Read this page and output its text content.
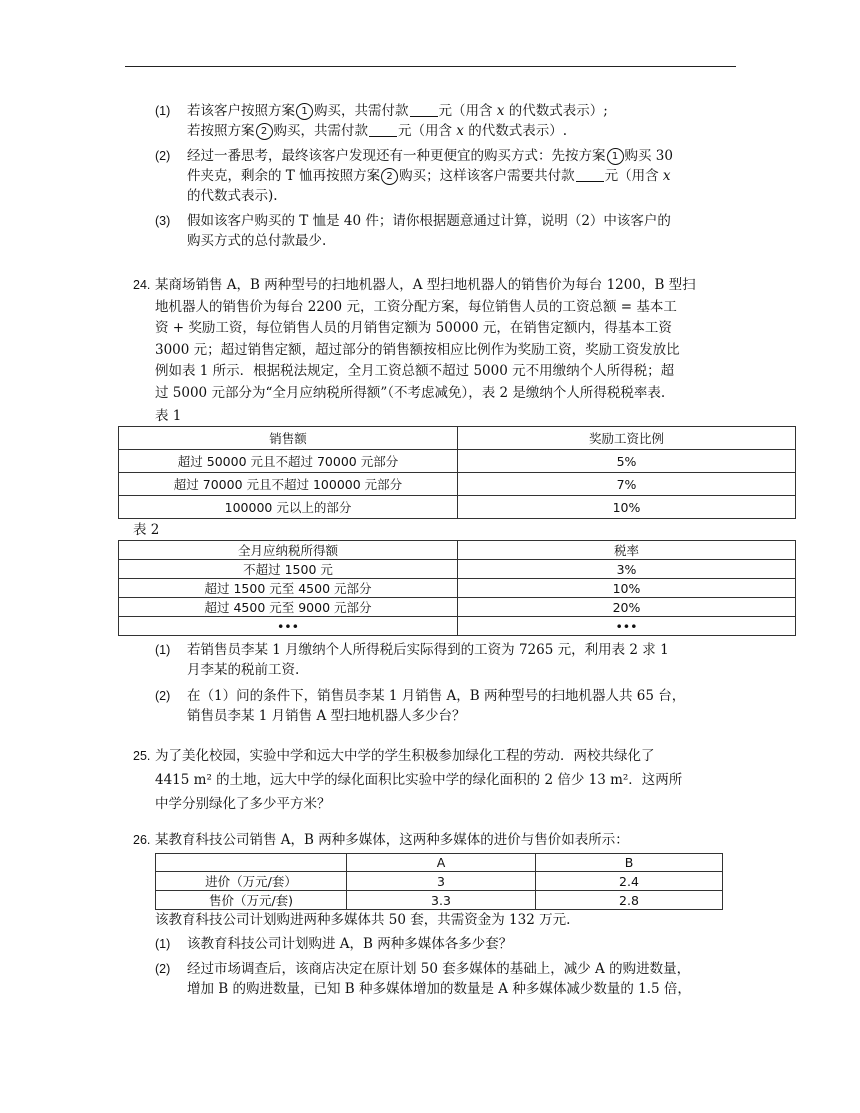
(1) 若该客户按照方案 1 购买，共需付款 元（用含 x 的代数式表示）;
若按照方案 2 购买，共需付款 元（用含 x 的代数式表示）.
(2) 经过一番思考，最终该客户发现还有一种更便宜的购买方式：先按方案 1 购买 30
件夹克，剩余的 T 恤再按照方案 2 购买；这样该客户需要共付款 元（用含 x
的代数式表示).
(3) 假如该客户购买的 T 恤是 40 件；请你根据题意通过计算，说明（2）中该客户的
购买方式的总付款最少.
24. 某商场销售 A，B 两种型号的扫地机器人，A 型扫地机器人的销售价为每台 1200，B 型扫
地机器人的销售价为每台 2200 元，工资分配方案，每位销售人员的工资总额 = 基本工
资 + 奖励工资，每位销售人员的月销售定额为 50000 元，在销售定额内，得基本工资
3000 元；超过销售定额，超过部分的销售额按相应比例作为奖励工资，奖励工资发放比
例如表 1 所示．根据税法规定，全月工资总额不超过 5000 元不用缴纳个人所得税；超
过 5000 元部分为“全月应纳税所得额”（不考虑减免），表 2 是缴纳个人所得税税率表.
表 1
销售额	奖励工资比例
超过 50000 元且不超过 70000 元部分	5%
超过 70000 元且不超过 100000 元部分	7%
100000 元以上的部分	10%
表 2
全月应纳税所得额	税率
不超过 1500 元	3%
超过 1500 元至 4500 元部分	10%
超过 4500 元至 9000 元部分	20%
•••	•••
(1) 若销售员李某 1 月缴纳个人所得税后实际得到的工资为 7265 元，利用表 2 求 1
月李某的税前工资.
(2) 在（1）问的条件下，销售员李某 1 月销售 A，B 两种型号的扫地机器人共 65 台，
销售员李某 1 月销售 A 型扫地机器人多少台？
25. 为了美化校园，实验中学和远大中学的学生积极参加绿化工程的劳动．两校共绿化了
4415 m² 的土地，远大中学的绿化面积比实验中学的绿化面积的 2 倍少 13 m²．这两所
中学分别绿化了多少平方米？
26. 某教育科技公司销售 A，B 两种多媒体，这两种多媒体的进价与售价如表所示：
	A	B
进价（万元/套）	3	2.4
售价（万元/套)	3.3	2.8
该教育科技公司计划购进两种多媒体共 50 套，共需资金为 132 万元.
(1) 该教育科技公司计划购进 A，B 两种多媒体各多少套？
(2) 经过市场调查后，该商店决定在原计划 50 套多媒体的基础上，减少 A 的购进数量，
增加 B 的购进数量，已知 B 种多媒体增加的数量是 A 种多媒体减少数量的 1.5 倍，
